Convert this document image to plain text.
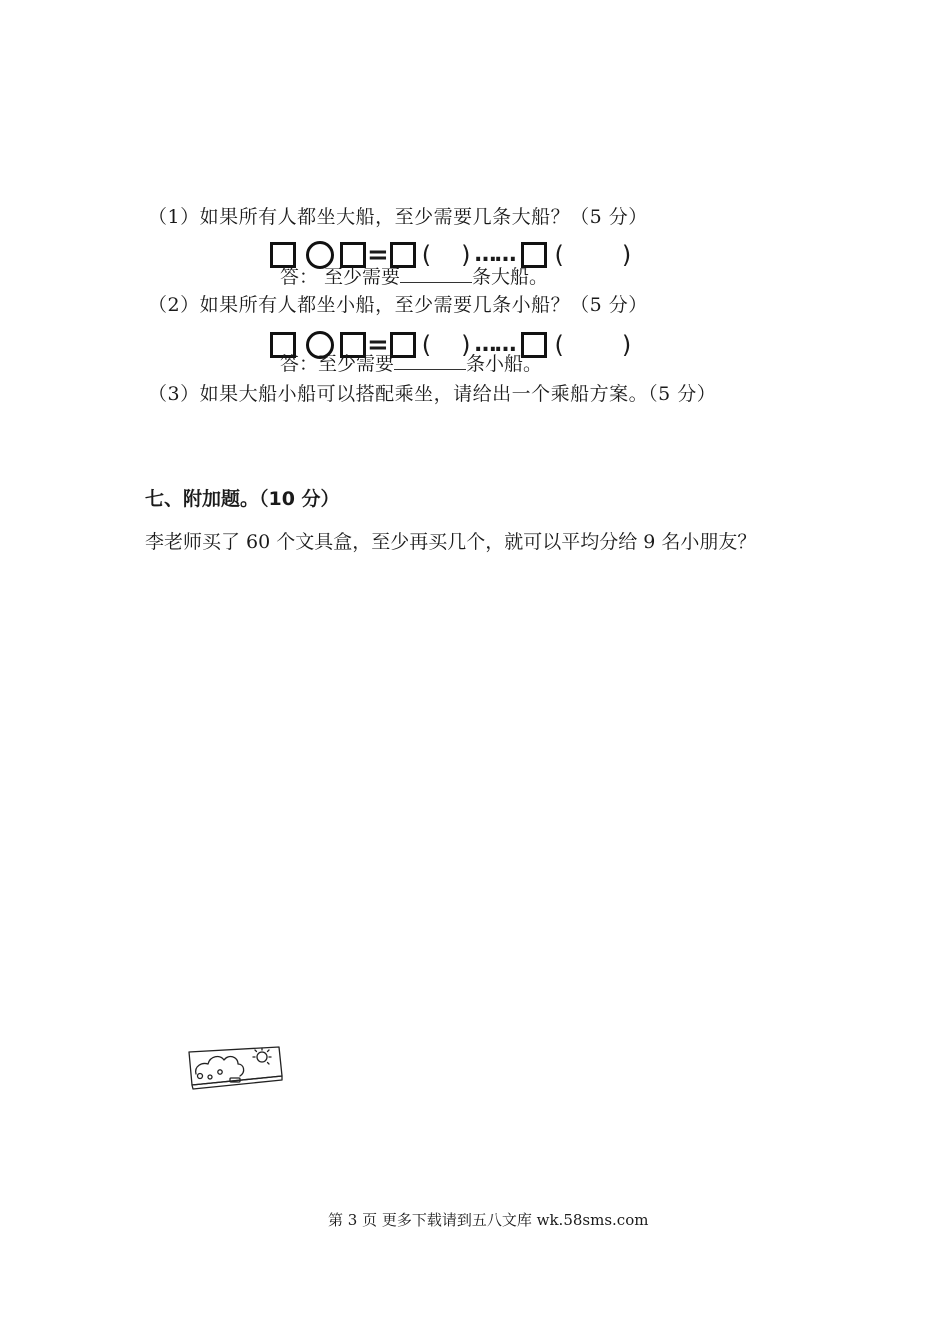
（1）如果所有人都坐大船，至少需要几条大船？（5 分）
= ( ) …… ( )
答： 至少需要	条大船。
（2）如果所有人都坐小船，至少需要几条小船？（5 分）
= ( ) …… ( )
答：至少需要	条小船。
（3）如果大船小船可以搭配乘坐，请给出一个乘船方案。（5 分）
七、附加题。（10 分）
李老师买了 60 个文具盒，至少再买几个，就可以平均分给 9 名小朋友？
第 3 页 更多下载请到五八文库 wk.58sms.com
